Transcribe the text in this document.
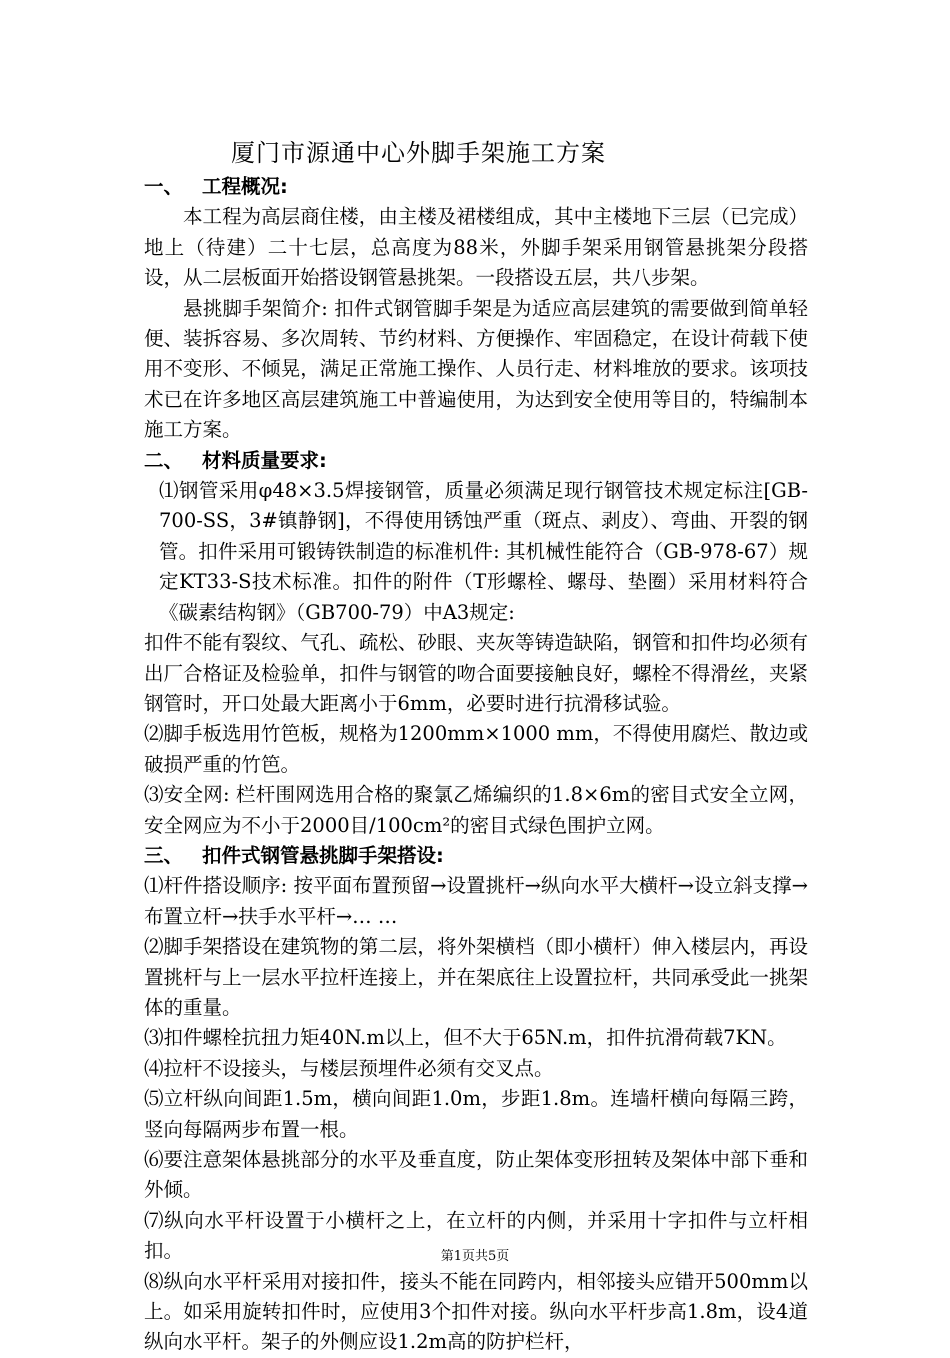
厦门市源通中心外脚手架施工方案
一、 工程概况:
本工程为高层商住楼，由主楼及裙楼组成，其中主楼地下三层（已完成）地上（待建）二十七层，总高度为88米，外脚手架采用钢管悬挑架分段搭设，从二层板面开始搭设钢管悬挑架。一段搭设五层，共八步架。
悬挑脚手架简介: 扣件式钢管脚手架是为适应高层建筑的需要做到简单轻便、装拆容易、多次周转、节约材料、方便操作、牢固稳定，在设计荷载下使用不变形、不倾晃，满足正常施工操作、人员行走、材料堆放的要求。该项技术已在许多地区高层建筑施工中普遍使用，为达到安全使用等目的，特编制本施工方案。
二、 材料质量要求:
⑴钢管采用φ48×3.5焊接钢管，质量必须满足现行钢管技术规定标注[GB-700-SS，3#镇静钢]，不得使用锈蚀严重（斑点、剥皮）、弯曲、开裂的钢管。扣件采用可锻铸铁制造的标准机件: 其机械性能符合（GB-978-67）规定KT33-S技术标准。扣件的附件（T形螺栓、螺母、垫圈）采用材料符合《碳素结构钢》（GB700-79）中A3规定:
扣件不能有裂纹、气孔、疏松、砂眼、夹灰等铸造缺陷，钢管和扣件均必须有出厂合格证及检验单，扣件与钢管的吻合面要接触良好，螺栓不得滑丝，夹紧钢管时，开口处最大距离小于6mm，必要时进行抗滑移试验。
⑵脚手板选用竹笆板，规格为1200mm×1000 mm，不得使用腐烂、散边或破损严重的竹笆。
⑶安全网: 栏杆围网选用合格的聚氯乙烯编织的1.8×6m的密目式安全立网，安全网应为不小于2000目/100cm²的密目式绿色围护立网。
三、 扣件式钢管悬挑脚手架搭设:
⑴杆件搭设顺序: 按平面布置预留→设置挑杆→纵向水平大横杆→设立斜支撑→布置立杆→扶手水平杆→… …
⑵脚手架搭设在建筑物的第二层，将外架横档（即小横杆）伸入楼层内，再设置挑杆与上一层水平拉杆连接上，并在架底往上设置拉杆，共同承受此一挑架体的重量。
⑶扣件螺栓抗扭力矩40N.m以上，但不大于65N.m，扣件抗滑荷载7KN。
⑷拉杆不设接头，与楼层预埋件必须有交叉点。
⑸立杆纵向间距1.5m，横向间距1.0m，步距1.8m。连墙杆横向每隔三跨，竖向每隔两步布置一根。
⑹要注意架体悬挑部分的水平及垂直度，防止架体变形扭转及架体中部下垂和外倾。
⑺纵向水平杆设置于小横杆之上，在立杆的内侧，并采用十字扣件与立杆相扣。
⑻纵向水平杆采用对接扣件，接头不能在同跨内，相邻接头应错开500mm以上。如采用旋转扣件时，应使用3个扣件对接。纵向水平杆步高1.8m，设4道纵向水平杆。架子的外侧应设1.2m高的防护栏杆，
第1页共5页
